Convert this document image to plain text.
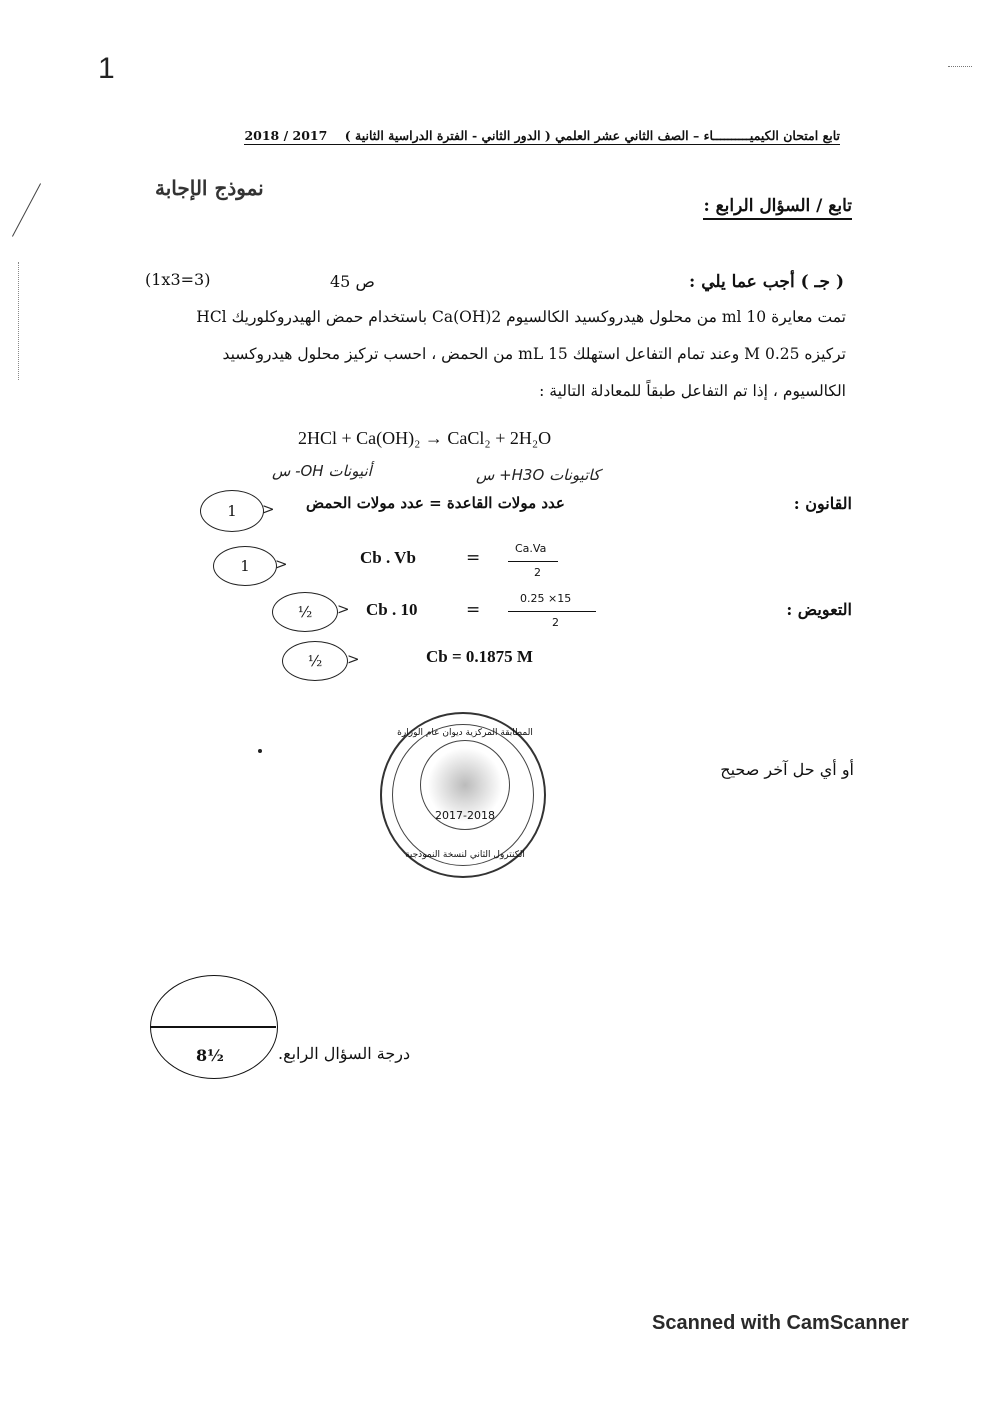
1
تابع امتحان الكيميــــــــــاء – الصف الثاني عشر العلمي ( الدور الثاني - الفترة الدراسية الثانية )    2018 / 2017
نموذج الإجابة
تابع / السؤال الرابع :
( جـ ) أجب عما يلي :
ص 45
(1x3=3)
تمت معايرة 10 ml من محلول هيدروكسيد الكالسيوم Ca(OH)2 باستخدام حمض الهيدروكلوريك HCl
تركيزه 0.25 M وعند تمام التفاعل استهلك 15 mL من الحمض ، احسب تركيز محلول هيدروكسيد
الكالسيوم ، إذا تم التفاعل طبقاً للمعادلة التالية :
2HCl + Ca(OH)₂ → CaCl₂ + 2H₂O
كاتيونات H3O+ س
أنيونات OH- س
القانون :
عدد مولات القاعدة = عدد مولات الحمض
1	>
1	>
½	>
½	>
Cb . Vb	=	Ca.Va
2
التعويض :
Cb . 10	=
0.25 ×15
2
Cb = 0.1875 M
المطابقة المركزية ديوان عام الوزارة
2017-2018
الكنترول الثاني لنسخة النموذجية
أو أي حل آخر صحيح
8½	درجة السؤال الرابع.
Scanned with CamScanner
